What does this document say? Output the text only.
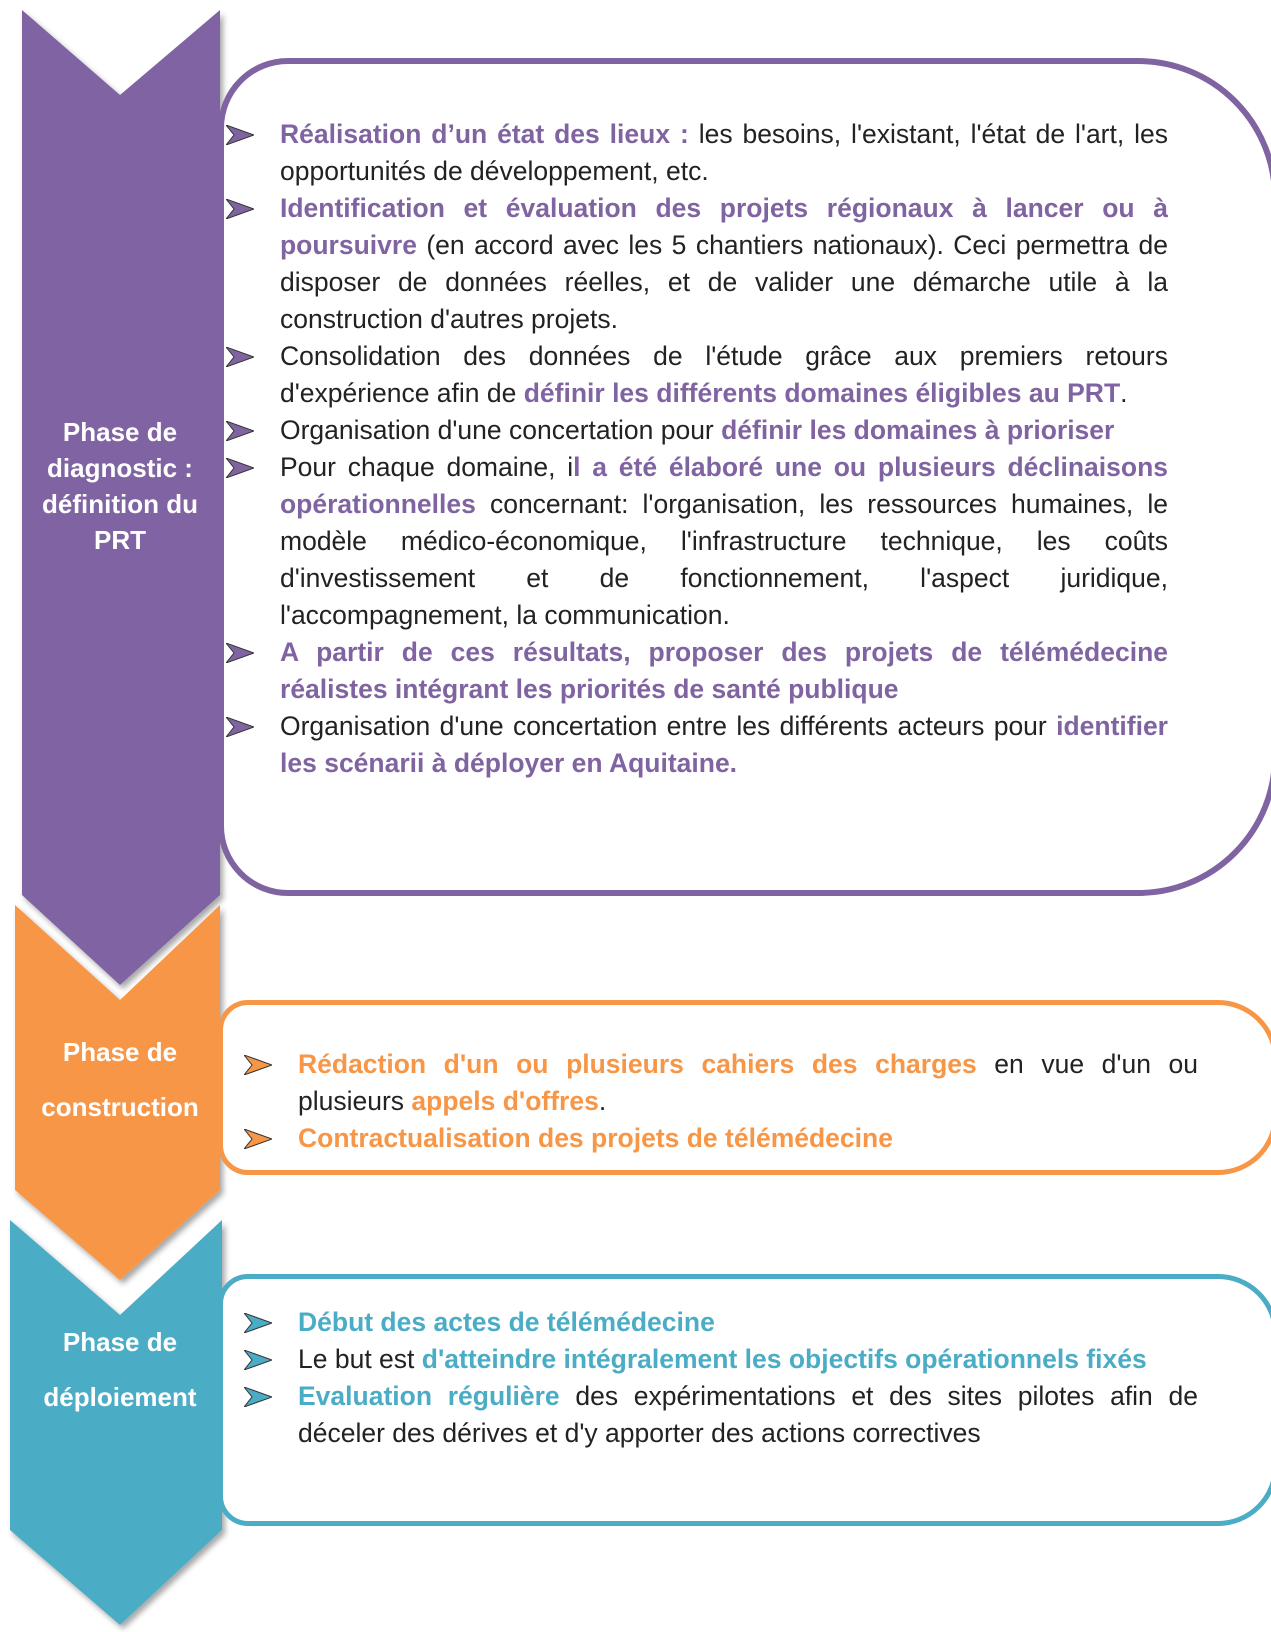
Phase de
diagnostic :
définition du
PRT
Phase de
construction
Phase de
déploiement
Réalisation d’un état des lieux : les besoins, l'existant, l'état de l'art, les opportunités de développement, etc.
Identification et évaluation des projets régionaux à lancer ou à poursuivre (en accord avec les 5 chantiers nationaux). Ceci permettra de disposer de données réelles, et de valider une démarche utile à la construction d'autres projets.
Consolidation des données de l'étude grâce aux premiers retours d'expérience afin de définir les différents domaines éligibles au PRT.
Organisation d'une concertation pour définir les domaines à prioriser
Pour chaque domaine, il a été élaboré une ou plusieurs déclinaisons opérationnelles concernant: l'organisation, les ressources humaines, le modèle médico-économique, l'infrastructure technique, les coûts d'investissement et de fonctionnement, l'aspect juridique, l'accompagnement, la communication.
A partir de ces résultats, proposer des projets de télémédecine réalistes intégrant les priorités de santé publique
Organisation d'une concertation entre les différents acteurs pour identifier les scénarii à déployer en Aquitaine.
Rédaction d'un ou plusieurs cahiers des charges en vue d'un ou plusieurs appels d'offres.
Contractualisation des projets de télémédecine
Début des actes de télémédecine
Le but est d'atteindre intégralement les objectifs opérationnels fixés
Evaluation régulière des expérimentations et des sites pilotes afin de déceler des dérives et d'y apporter des actions correctives
